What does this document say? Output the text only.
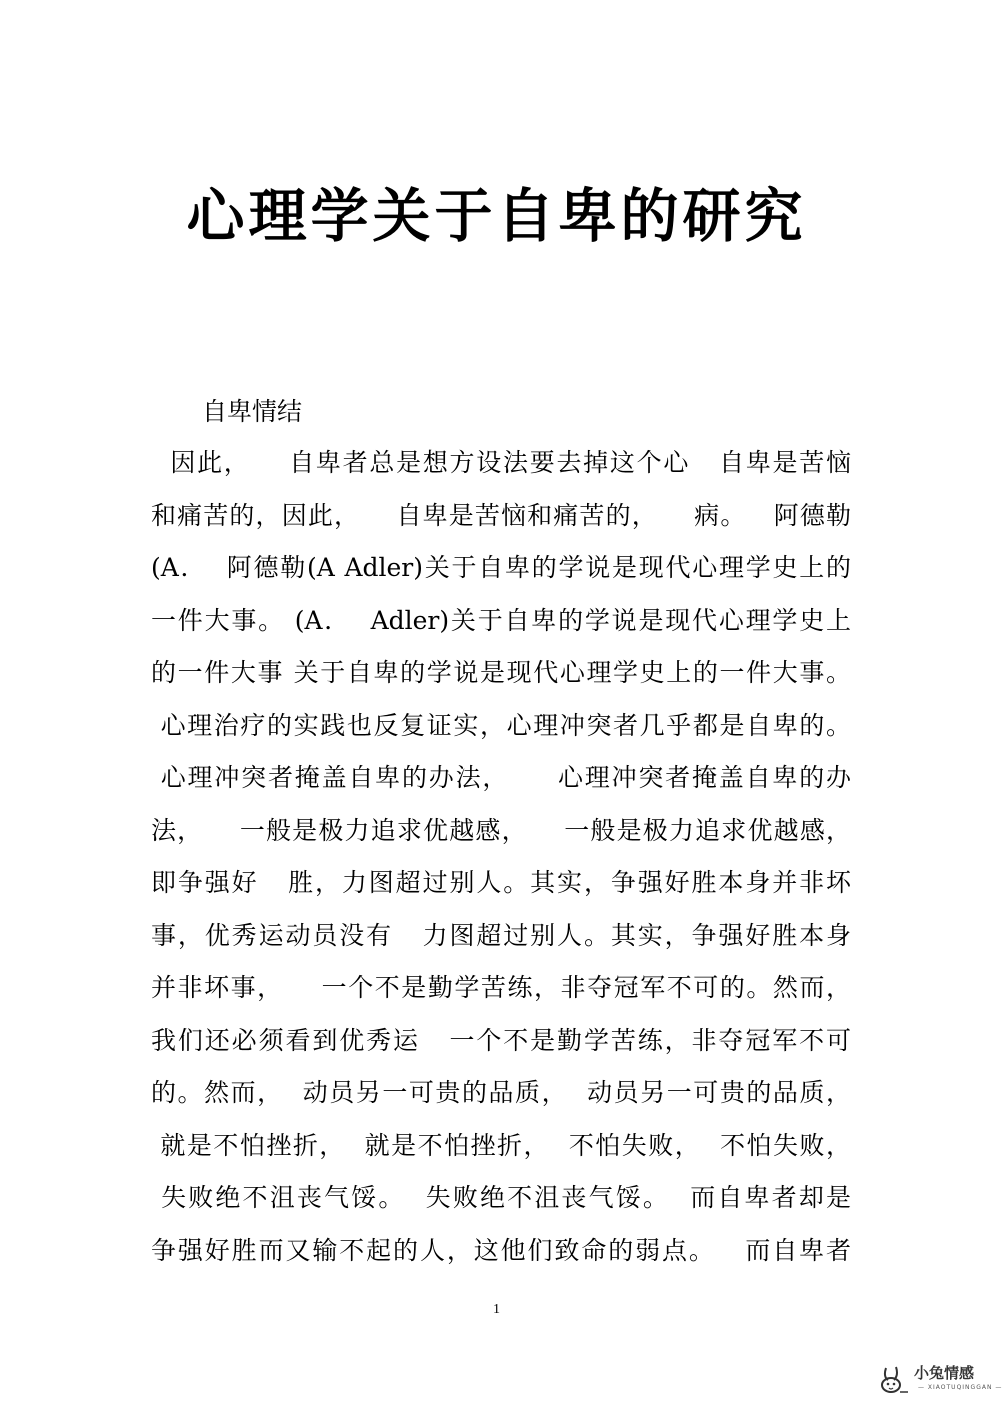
心理学关于自卑的研究

自卑情结

因此，    自卑者总是想方设法要去掉这个心   自卑是苦恼
和痛苦的，因此，    自卑是苦恼和痛苦的，    病。   阿德勒
(A．  阿德勒(A Adler)关于自卑的学说是现代心理学史上的
一件大事。 (A．  Adler)关于自卑的学说是现代心理学史上
的一件大事 关于自卑的学说是现代心理学史上的一件大事。
心理治疗的实践也反复证实，心理冲突者几乎都是自卑的。
心理冲突者掩盖自卑的办法，     心理冲突者掩盖自卑的办
法，    一般是极力追求优越感，    一般是极力追求优越感，
即争强好   胜，力图超过别人。其实，争强好胜本身并非坏
事，优秀运动员没有   力图超过别人。其实，争强好胜本身
并非坏事，    一个不是勤学苦练，非夺冠军不可的。然而，
我们还必须看到优秀运   一个不是勤学苦练，非夺冠军不可
的。然而，  动员另一可贵的品质，  动员另一可贵的品质，
就是不怕挫折，  就是不怕挫折，  不怕失败，  不怕失败，
失败绝不沮丧气馁。  失败绝不沮丧气馁。  而自卑者却是
争强好胜而又输不起的人，这他们致命的弱点。   而自卑者
1
小兔情感
— XIAOTUQINGGAN —
